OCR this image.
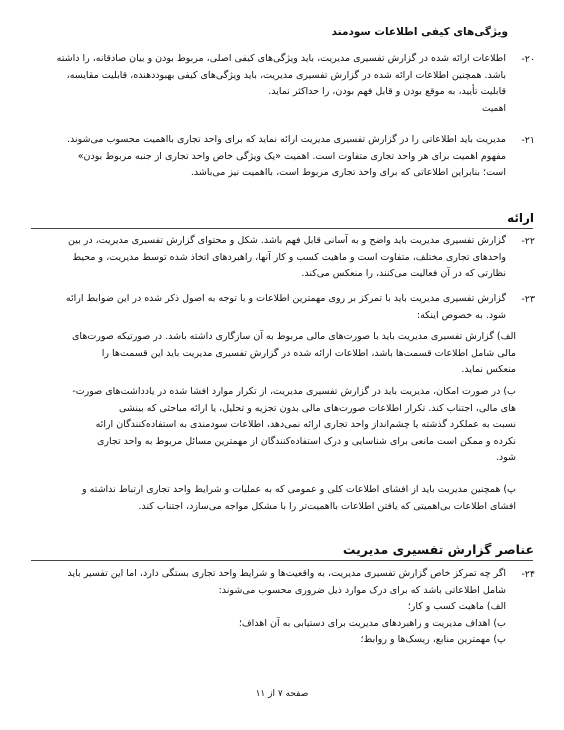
ویژگی‌های کیفی اطلاعات سودمند
۲۰-
اطلاعات ارائه شده در گزارش تفسیری مدیریت، باید ویژگی‌های کیفی اصلی، مربوط بودن و بیان صادقانه، را داشته
باشد. همچنین اطلاعات ارائه شده در گزارش تفسیری مدیریت، باید ویژگی‌های کیفی بهبوددهنده، قابلیت مقایسه،
قابلیت تأیید، به موقع بودن و قابل فهم بودن، را حداکثر نماید.
اهمیت
۲۱-
مدیریت باید اطلاعاتی را در گزارش تفسیری مدیریت ارائه نماید که برای واحد تجاری بااهمیت محسوب می‌شوند.
مفهوم اهمیت برای هر واحد تجاری متفاوت است. اهمیت «یک ویژگی خاص واحد تجاری از جنبه مربوط بودن»
است؛ بنابراین اطلاعاتی که برای واحد تجاری مربوط است، بااهمیت نیز می‌باشد.
ارائه
۲۲-
گزارش تفسیری مدیریت باید واضح و به آسانی قابل فهم باشد. شکل و محتوای گزارش تفسیری مدیریت، در بین
واحدهای تجاری مختلف، متفاوت است و ماهیت کسب و کار آنها، راهبردهای اتخاذ شده توسط مدیریت، و محیط
نظارتی که در آن فعالیت می‌کنند، را منعکس می‌کند.
۲۳-
گزارش تفسیری مدیریت باید با تمرکز بر روی مهمترین اطلاعات و با توجه به اصول ذکر شده در این ضوابط ارائه
شود. به خصوص اینکه:
الف) گزارش تفسیری مدیریت باید با صورت‌های مالی مربوط به آن سازگاری داشته باشد. در صورتیکه صورت‌های
مالی شامل اطلاعات قسمت‌ها باشد، اطلاعات ارائه شده در گزارش تفسیری مدیریت باید این قسمت‌ها را
منعکس نماید.
ب) در صورت امکان، مدیریت باید در گزارش تفسیری مدیریت، از تکرار موارد افشا شده در یادداشت‌های صورت-
های مالی، اجتناب کند. تکرار اطلاعات صورت‌های مالی بدون تجزیه و تحلیل، یا ارائه مباحثی که بینشی
نسبت به عملکرد گذشته یا چشم‌انداز واحد تجاری ارائه نمی‌دهد، اطلاعات سودمندی به استفاده‌کنندگان ارائه
نکرده و ممکن است مانعی برای شناسایی و درک استفاده‌کنندگان از مهمترین مسائل مربوط به واحد تجاری
شود.
پ) همچنین مدیریت باید از افشای اطلاعات کلی و عمومی که به عملیات و شرایط واحد تجاری ارتباط نداشته و
افشای اطلاعات بی‌اهمیتی که یافتن اطلاعات بااهمیت‌تر را با مشکل مواجه می‌سازد، اجتناب کند.
عناصر گزارش تفسیری مدیریت
۲۴-
اگر چه تمرکز خاص گزارش تفسیری مدیریت، به واقعیت‌ها و شرایط واحد تجاری بستگی دارد، اما این تفسیر باید
شامل اطلاعاتی باشد که برای درک موارد ذیل ضروری محسوب می‌شوند:
الف) ماهیت کسب و کار؛
ب) اهداف مدیریت و راهبردهای مدیریت برای دستیابی به آن اهداف؛
پ) مهمترین منابع، ریسک‌ها و روابط؛
صفحه ۷ از ۱۱
